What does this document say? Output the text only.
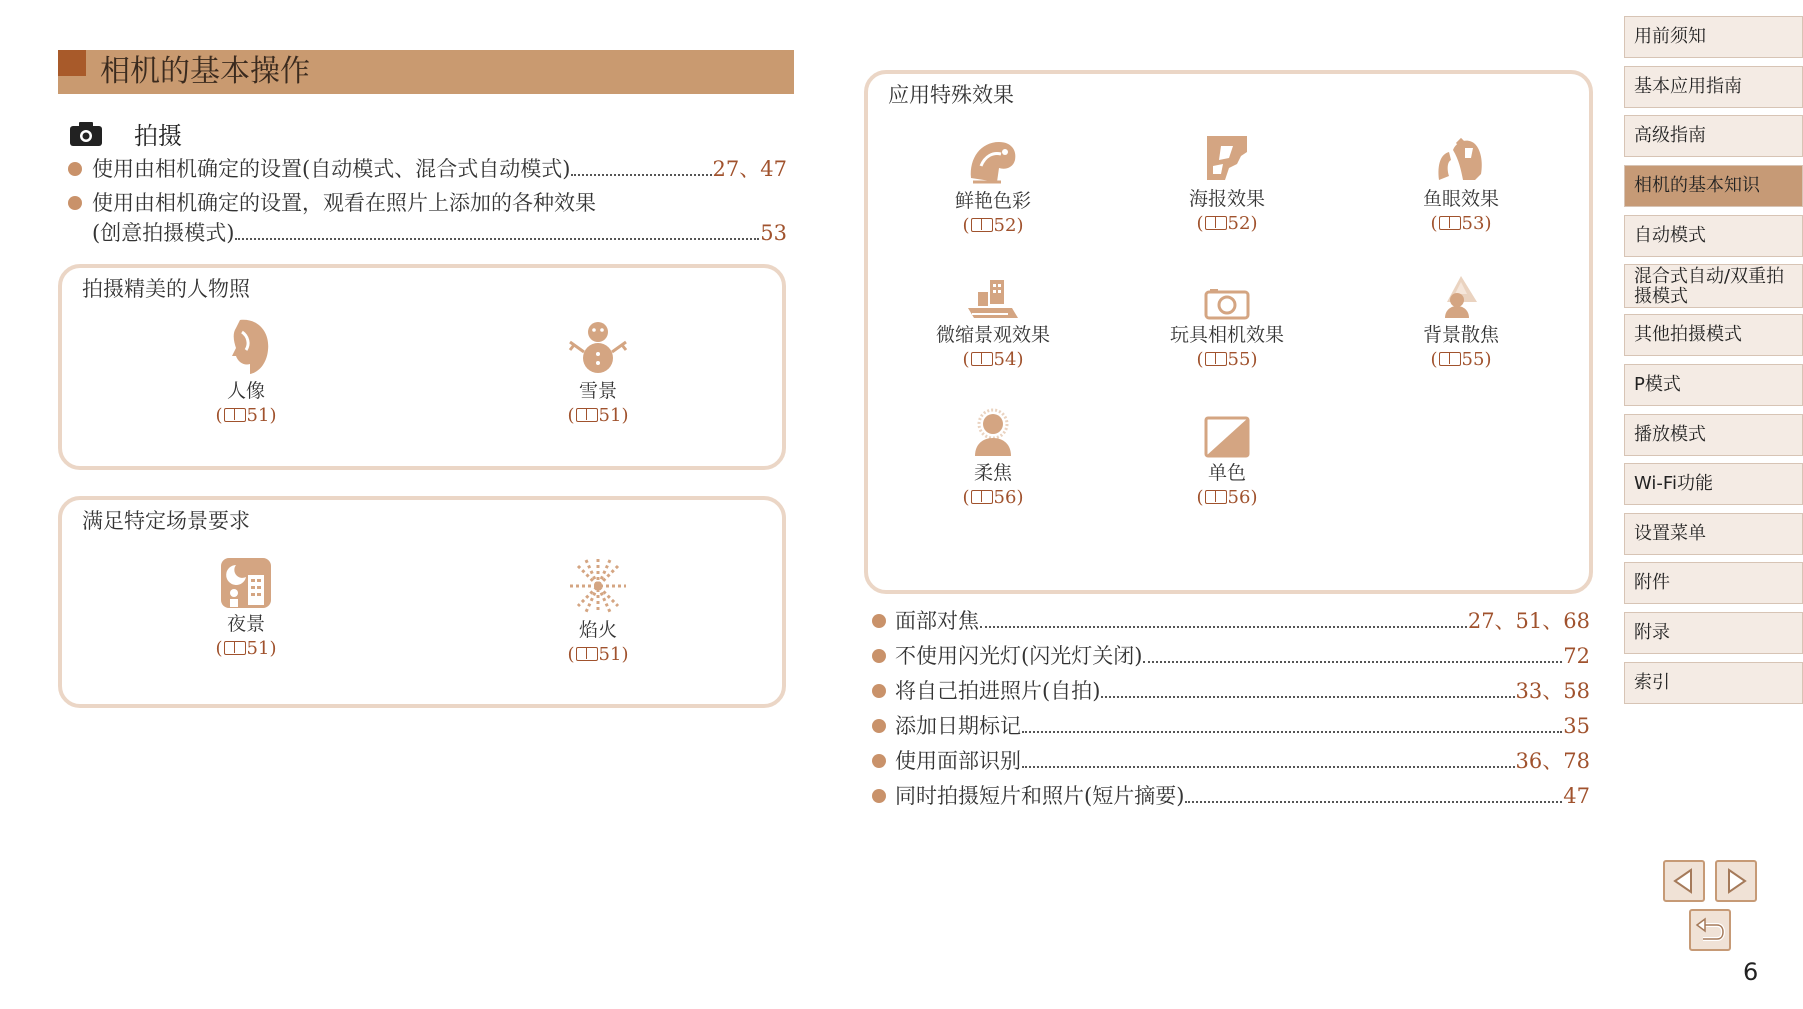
相机的基本操作
拍摄
使用由相机确定的设置(自动模式、混合式自动模式)	27、47
使用由相机确定的设置，观看在照片上添加的各种效果
(创意拍摄模式)	53
拍摄精美的人物照
人像
( 51)
雪景
( 51)
满足特定场景要求
夜景
( 51)
焰火
( 51)
应用特殊效果
鲜艳色彩
( 52)
海报效果
( 52)
鱼眼效果
( 53)
微缩景观效果
( 54)
玩具相机效果
( 55)
背景散焦
( 55)
柔焦
( 56)
单色
( 56)
面部对焦	27、51、68
不使用闪光灯(闪光灯关闭)	72
将自己拍进照片(自拍)	33、58
添加日期标记	35
使用面部识别	36、78
同时拍摄短片和照片(短片摘要)	47
用前须知
基本应用指南
高级指南
相机的基本知识
自动模式
混合式自动/双重拍摄模式
其他拍摄模式
P模式
播放模式
Wi-Fi功能
设置菜单
附件
附录
索引
6
